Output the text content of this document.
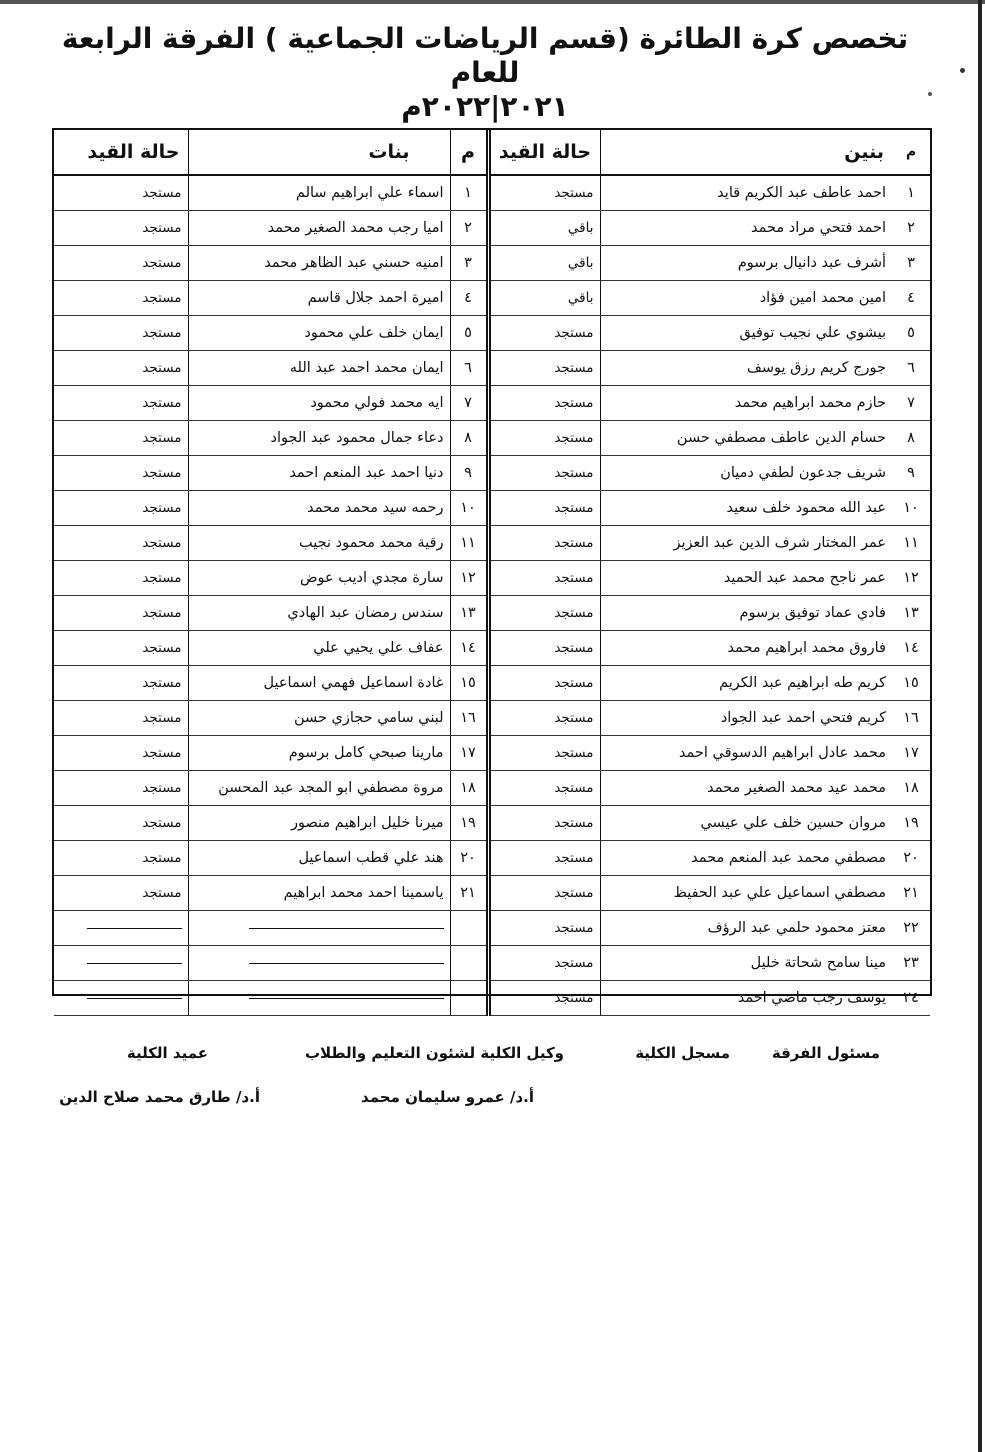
تخصص كرة الطائرة (قسم الرياضات الجماعية ) الفرقة الرابعة للعام
٢٠٢١|٢٠٢٢م
م	بنين	حالة القيد	م	بنات	حالة القيد
١	احمد عاطف عبد الكريم قايد	مستجد	١	اسماء علي ابراهيم سالم	مستجد
٢	احمد فتحي مراد محمد	باقي	٢	اميا رجب محمد الصغير محمد	مستجد
٣	أشرف عبد دانيال برسوم	باقي	٣	امنيه حسني عبد الظاهر محمد	مستجد
٤	امين محمد امين فؤاد	باقي	٤	اميرة احمد جلال قاسم	مستجد
٥	بيشوي علي نجيب توفيق	مستجد	٥	ايمان خلف علي محمود	مستجد
٦	جورج كريم رزق يوسف	مستجد	٦	ايمان محمد احمد عبد الله	مستجد
٧	حازم محمد ابراهيم محمد	مستجد	٧	ايه محمد فولي محمود	مستجد
٨	حسام الدين عاطف مصطفي حسن	مستجد	٨	دعاء جمال محمود عبد الجواد	مستجد
٩	شريف جدعون لطفي دميان	مستجد	٩	دنيا احمد عبد المنعم احمد	مستجد
١٠	عبد الله محمود خلف سعيد	مستجد	١٠	رحمه سيد محمد محمد	مستجد
١١	عمر المختار شرف الدين عبد العزيز	مستجد	١١	رقية محمد محمود نجيب	مستجد
١٢	عمر ناجح محمد عبد الحميد	مستجد	١٢	سارة مجدي اديب عوض	مستجد
١٣	فادي عماد توفيق برسوم	مستجد	١٣	سندس رمضان عبد الهادي	مستجد
١٤	فاروق محمد ابراهيم محمد	مستجد	١٤	عفاف علي يحيي علي	مستجد
١٥	كريم طه ابراهيم عبد الكريم	مستجد	١٥	غادة اسماعيل فهمي اسماعيل	مستجد
١٦	كريم فتحي احمد عبد الجواد	مستجد	١٦	لبني سامي حجازي حسن	مستجد
١٧	محمد عادل ابراهيم الدسوقي احمد	مستجد	١٧	مارينا صبحي كامل برسوم	مستجد
١٨	محمد عيد محمد الصغير محمد	مستجد	١٨	مروة مصطفي ابو المجد عبد المحسن	مستجد
١٩	مروان حسين خلف علي عيسي	مستجد	١٩	ميرنا خليل ابراهيم منصور	مستجد
٢٠	مصطفي محمد عبد المنعم محمد	مستجد	٢٠	هند علي قطب اسماعيل	مستجد
٢١	مصطفي اسماعيل علي عبد الحفيظ	مستجد	٢١	ياسمينا احمد محمد ابراهيم	مستجد
٢٢	معتز محمود حلمي عبد الرؤف	مستجد			
٢٣	مينا سامح شحاتة خليل	مستجد			
٢٤	يوسف رجب ماضي احمد	مستجد			
مسئول الفرقة
مسجل الكلية
وكيل الكلية لشئون التعليم والطلاب
عميد الكلية
أ.د/ عمرو سليمان محمد
أ.د/ طارق محمد صلاح الدين
